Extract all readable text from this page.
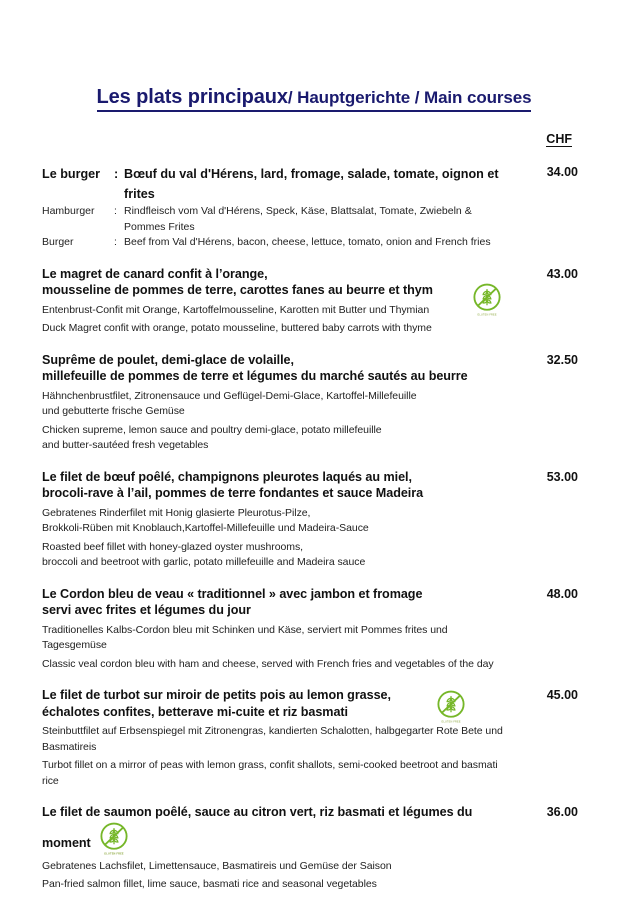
Les plats principaux/ Hauptgerichte / Main courses
CHF
34.00
Le burger	: Bœuf du val d'Hérens, lard, fromage, salade, tomate, oignon et frites
Hamburger	: Rindfleisch vom Val d'Hérens, Speck, Käse, Blattsalat, Tomate, Zwiebeln & Pommes Frites
Burger	: Beef from Val d'Hérens, bacon, cheese, lettuce, tomato, onion and French fries
43.00
GLUTEN FREE
Le magret de canard confit à l’orange,
mousseline de pommes de terre, carottes fanes au beurre et thym
Entenbrust-Confit mit Orange, Kartoffelmousseline, Karotten mit Butter und Thymian
Duck Magret confit with orange, potato mousseline, buttered baby carrots with thyme
32.50
Suprême de poulet, demi-glace de volaille,
millefeuille de pommes de terre et légumes du marché sautés au beurre
Hähnchenbrustfilet, Zitronensauce und Geflügel-Demi-Glace, Kartoffel-Millefeuille
und gebutterte frische Gemüse
Chicken supreme, lemon sauce and poultry demi-glace, potato millefeuille
and butter-sautéed fresh vegetables
53.00
Le filet de bœuf poêlé, champignons pleurotes laqués au miel,
brocoli-rave à l’ail, pommes de terre fondantes et sauce Madeira
Gebratenes Rinderfilet mit Honig glasierte Pleurotus-Pilze,
Brokkoli-Rüben mit Knoblauch,Kartoffel-Millefeuille und Madeira-Sauce
Roasted beef fillet with honey-glazed oyster mushrooms,
broccoli and beetroot with garlic, potato millefeuille and Madeira sauce
48.00
Le Cordon bleu de veau « traditionnel » avec jambon et fromage
servi avec frites et légumes du jour
Traditionelles Kalbs-Cordon bleu mit Schinken und Käse, serviert mit Pommes frites und Tagesgemüse
Classic veal cordon bleu with ham and cheese, served with French fries and vegetables of the day
45.00
GLUTEN FREE
Le filet de turbot sur miroir de petits pois au lemon grasse,
échalotes confites, betterave mi-cuite et riz basmati
Steinbuttfilet auf Erbsenspiegel mit Zitronengras, kandierten Schalotten, halbgegarter Rote Bete und Basmatireis
Turbot fillet on a mirror of peas with lemon grass, confit shallots, semi-cooked beetroot and basmati rice
36.00
Le filet de saumon poêlé, sauce au citron vert, riz basmati et légumes du moment
GLUTEN FREE
Gebratenes Lachsfilet, Limettensauce, Basmatireis und Gemüse der Saison
Pan-fried salmon fillet, lime sauce, basmati rice and seasonal vegetables
